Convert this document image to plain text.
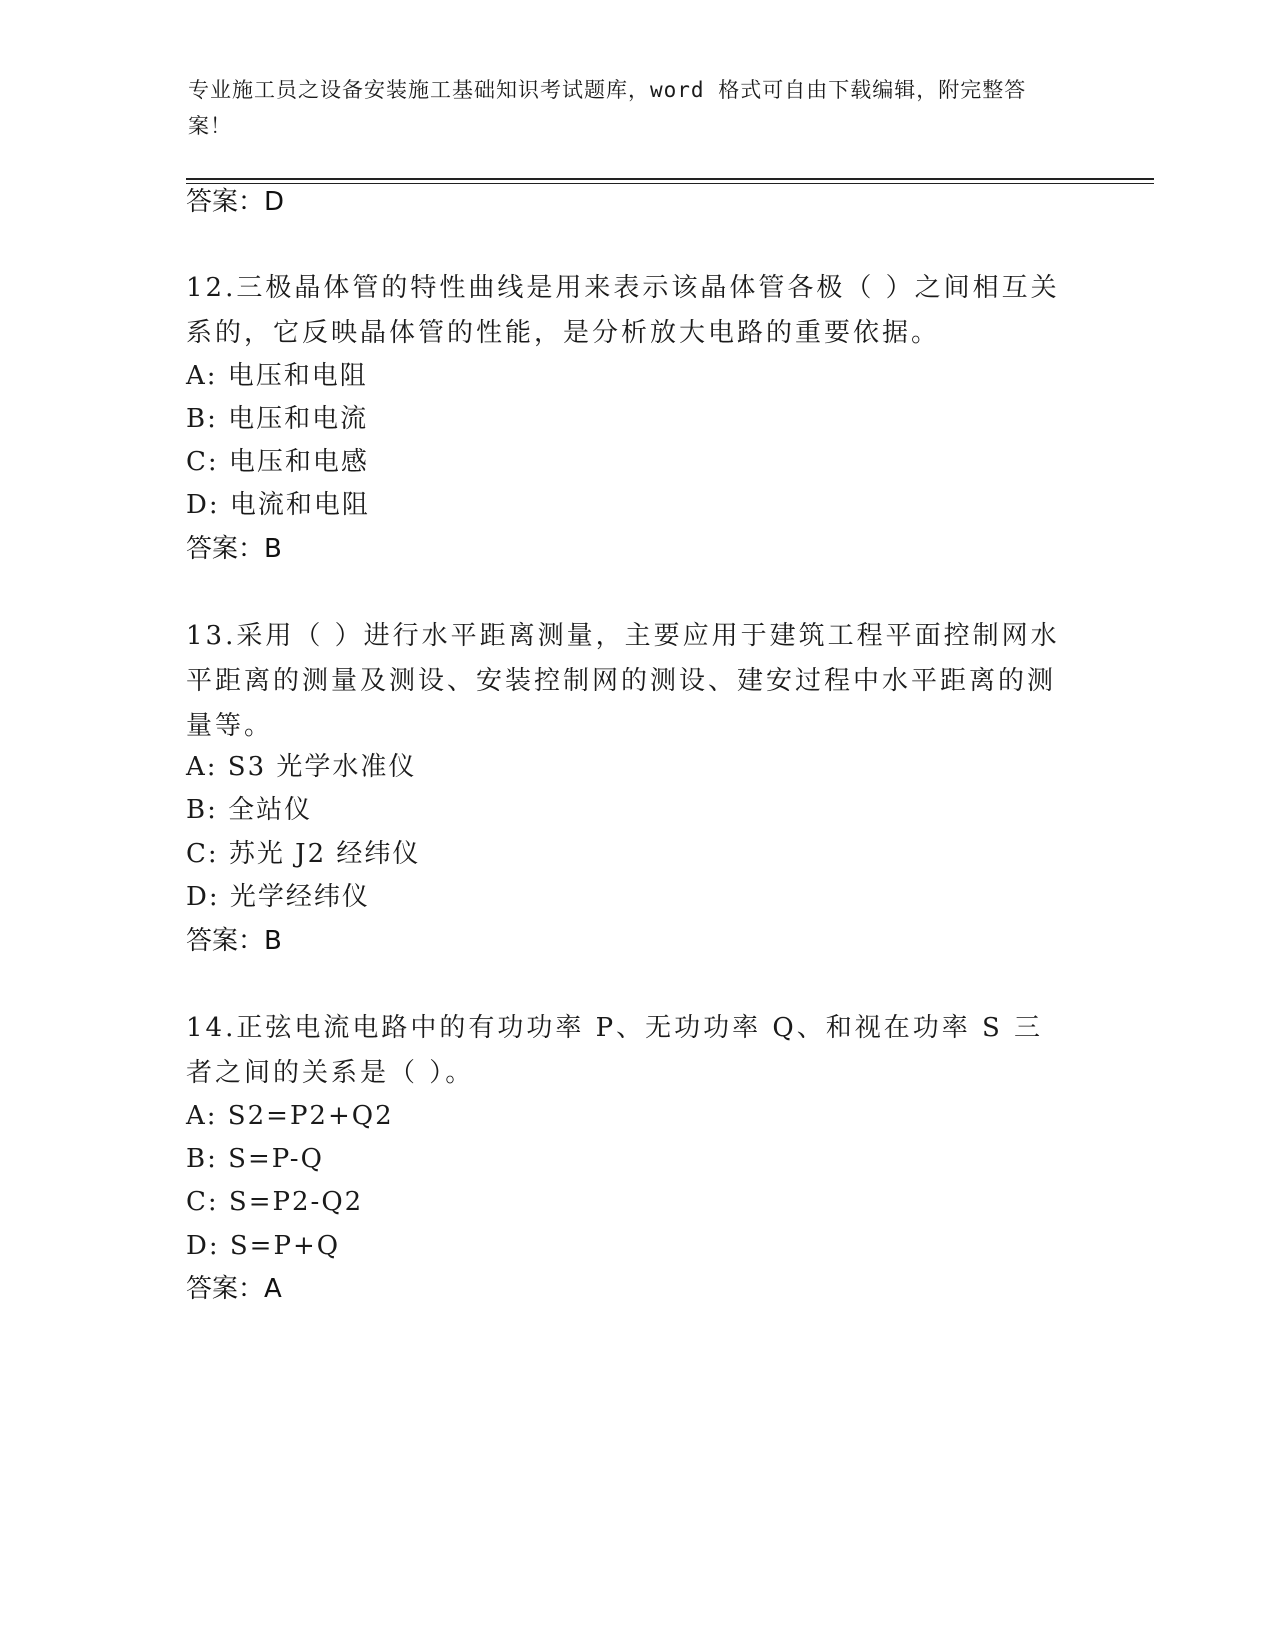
专业施工员之设备安装施工基础知识考试题库，word 格式可自由下载编辑，附完整答案！
答案：D
12.三极晶体管的特性曲线是用来表示该晶体管各极（ ）之间相互关系的，它反映晶体管的性能，是分析放大电路的重要依据。
A: 电压和电阻
B: 电压和电流
C: 电压和电感
D: 电流和电阻
答案：B
13.采用（ ）进行水平距离测量，主要应用于建筑工程平面控制网水平距离的测量及测设、安装控制网的测设、建安过程中水平距离的测量等。
A: S3 光学水准仪
B: 全站仪
C: 苏光 J2 经纬仪
D: 光学经纬仪
答案：B
14.正弦电流电路中的有功功率 P、无功功率 Q、和视在功率 S 三者之间的关系是（ ）。
A: S2=P2+Q2
B: S=P-Q
C: S=P2-Q2
D: S=P+Q
答案：A
